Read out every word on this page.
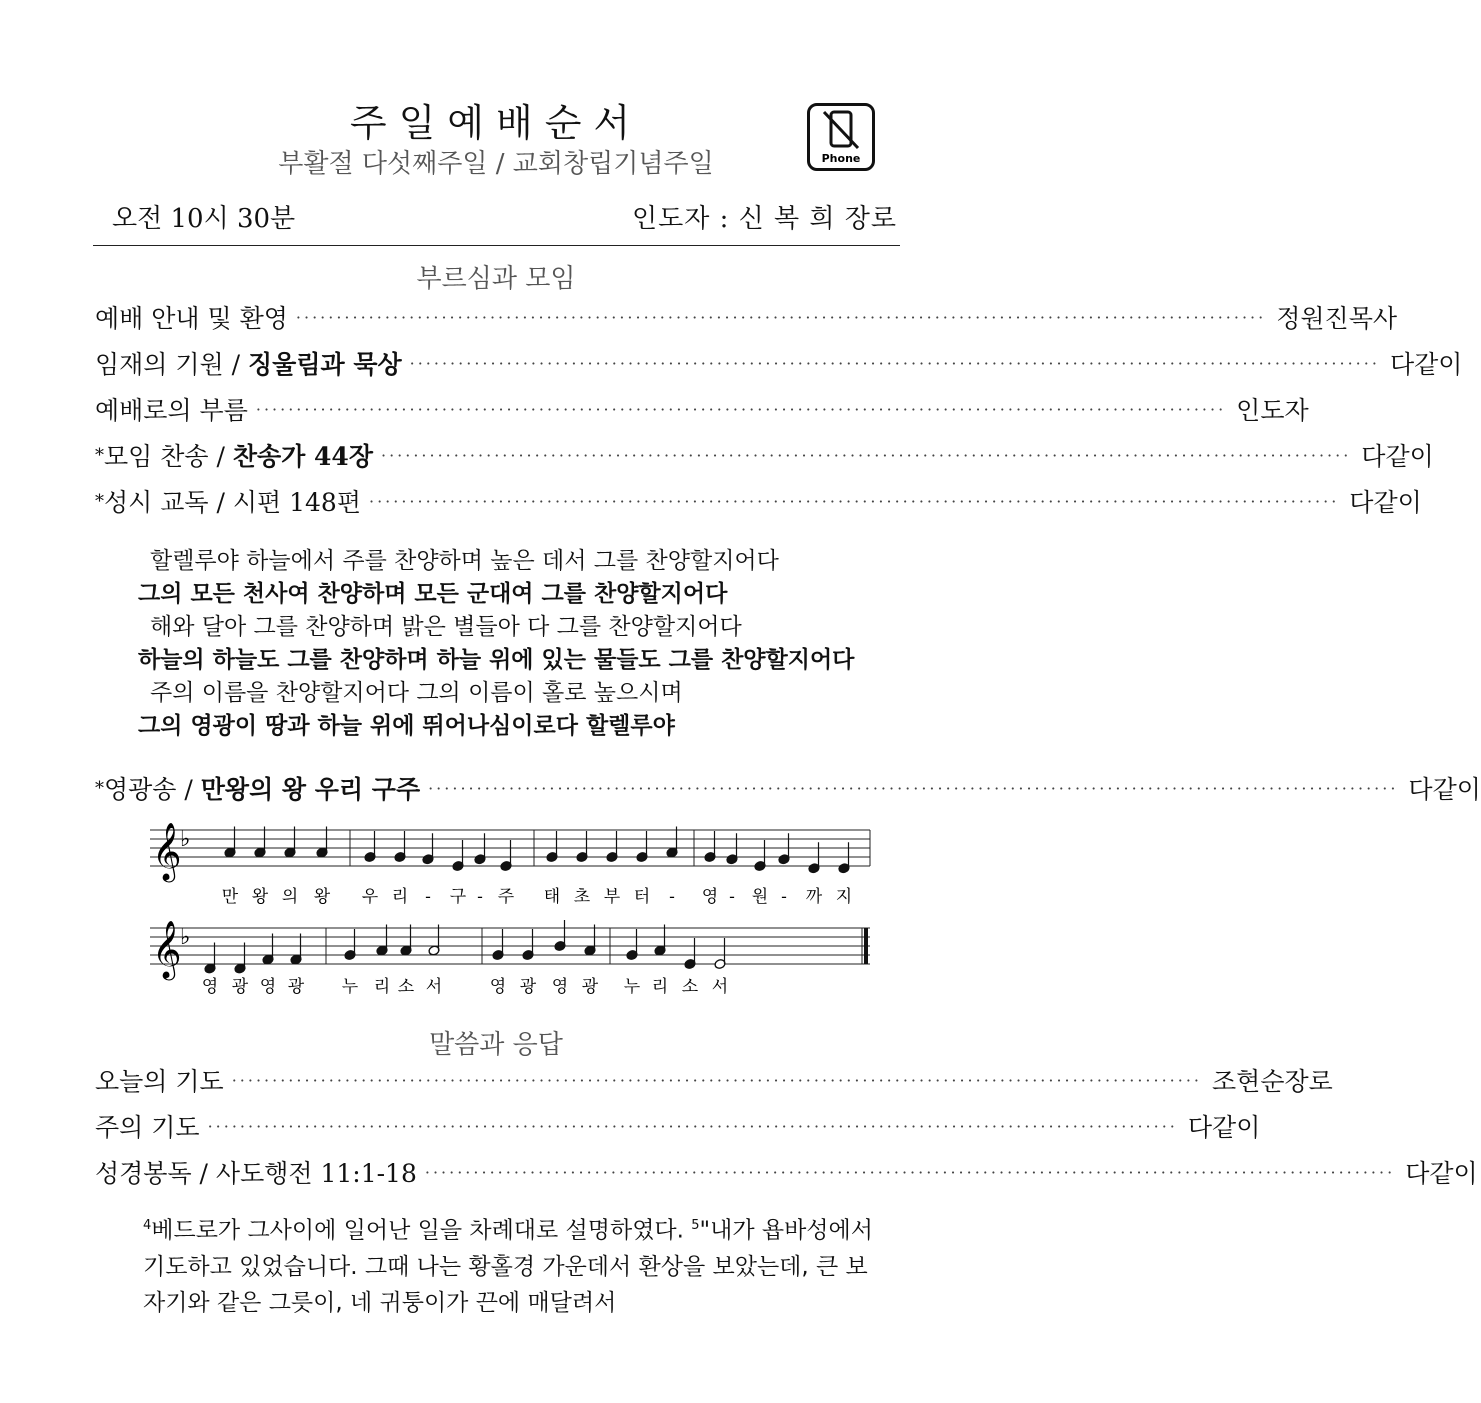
주일예배순서
부활절 다섯째주일 / 교회창립기념주일	Phone
오전 10시 30분	인도자 : 신 복 희 장로
부르심과 모임
할렐루야 하늘에서 주를 찬양하며 높은 데서 그를 찬양할지어다
그의 모든 천사여 찬양하며 모든 군대여 그를 찬양할지어다
해와 달아 그를 찬양하며 밝은 별들아 다 그를 찬양할지어다
하늘의 하늘도 그를 찬양하며 하늘 위에 있는 물들도 그를 찬양할지어다
주의 이름을 찬양할지어다 그의 이름이 홀로 높으시며
그의 영광이 땅과 하늘 위에 뛰어나심이로다 할렐루야
𝄞
♭
만 왕 의 왕 우 리 - 구 - 주 태 초 부 터 - 영 - 원 - 까 지
𝄞
♭
영 광 영 광 누 리 소 서	영 광 영 광 누 리 소 서
말씀과 응답
$^4$베드로가 그사이에 일어난 일을 차례대로 설명하였다. $^5$"내가 욥바성에서 기도하고 있었습니다. 그때 나는 황홀경 가운데서 환상을 보았는데, 큰 보자기와 같은 그릇이, 네 귀퉁이가 끈에 매달려서
예배 안내 및 환영 ························································································································ 정 원 진 목 사
임재의 기원 / 징울림과 묵상 ························································································································ 다 같 이
예배로의 부름 ························································································································ 인 도 자
* 모임 찬송 / 찬송가 44장 ························································································································ 다 같 이
* 성시 교독 / 시편 148편 ························································································································ 다 같 이
* 영광송 / 만왕의 왕 우리 구주 ························································································································ 다 같 이
오늘의 기도 ························································································································ 조 현 순 장 로
주의 기도 ························································································································ 다 같 이
성경봉독 / 사도행전 11:1-18 ························································································································ 다 같 이
